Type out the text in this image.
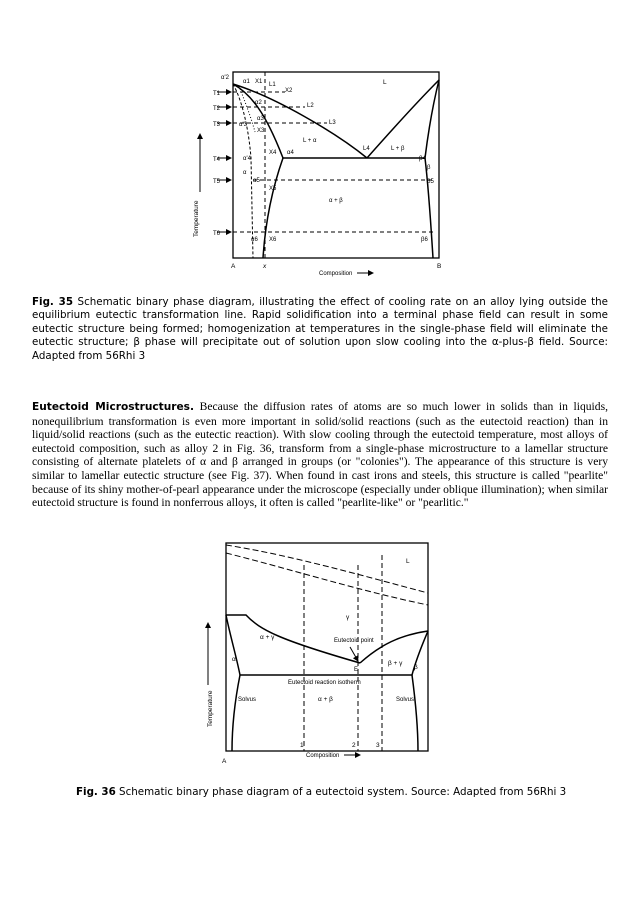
Temperature
α'2
α1 X1 L1
X2
L
T1
T2
T3
T4
T5
T6
α2	L2
α3
α'3
X3
L3
L + α
L4	L + β
X4 α4
α'4	β4
β
α
α5
X5
β5
α + β
α6 X6	β6
A	x	B
Composition
Fig. 35 Schematic binary phase diagram, illustrating the effect of cooling rate on an alloy lying outside the equilibrium eutectic transformation line. Rapid solidification into a terminal phase field can result in some eutectic structure being formed; homogenization at temperatures in the single-phase field will eliminate the eutectic structure; β phase will precipitate out of solution upon slow cooling into the α-plus-β field. Source: Adapted from 56Rhi 3
Eutectoid Microstructures. Because the diffusion rates of atoms are so much lower in solids than in liquids, nonequilibrium transformation is even more important in solid/solid reactions (such as the eutectoid reaction) than in liquid/solid reactions (such as the eutectic reaction). With slow cooling through the eutectoid temperature, most alloys of eutectoid composition, such as alloy 2 in Fig. 36, transform from a single-phase microstructure to a lamellar structure consisting of alternate platelets of α and β arranged in groups (or "colonies"). The appearance of this structure is very similar to lamellar eutectic structure (see Fig. 37). When found in cast irons and steels, this structure is called "pearlite" because of its shiny mother-of-pearl appearance under the microscope (especially under oblique illumination); when similar eutectoid structure is found in nonferrous alloys, it often is called "pearlite-like" or "pearlitic."
Temperature
L
γ
Eutectoid point
α + γ
β + γ
α
β
E
Eutectoid reaction isotherm
Solvus	Solvus
α + β
1	2	3
A
Composition
Fig. 36 Schematic binary phase diagram of a eutectoid system. Source: Adapted from 56Rhi 3
